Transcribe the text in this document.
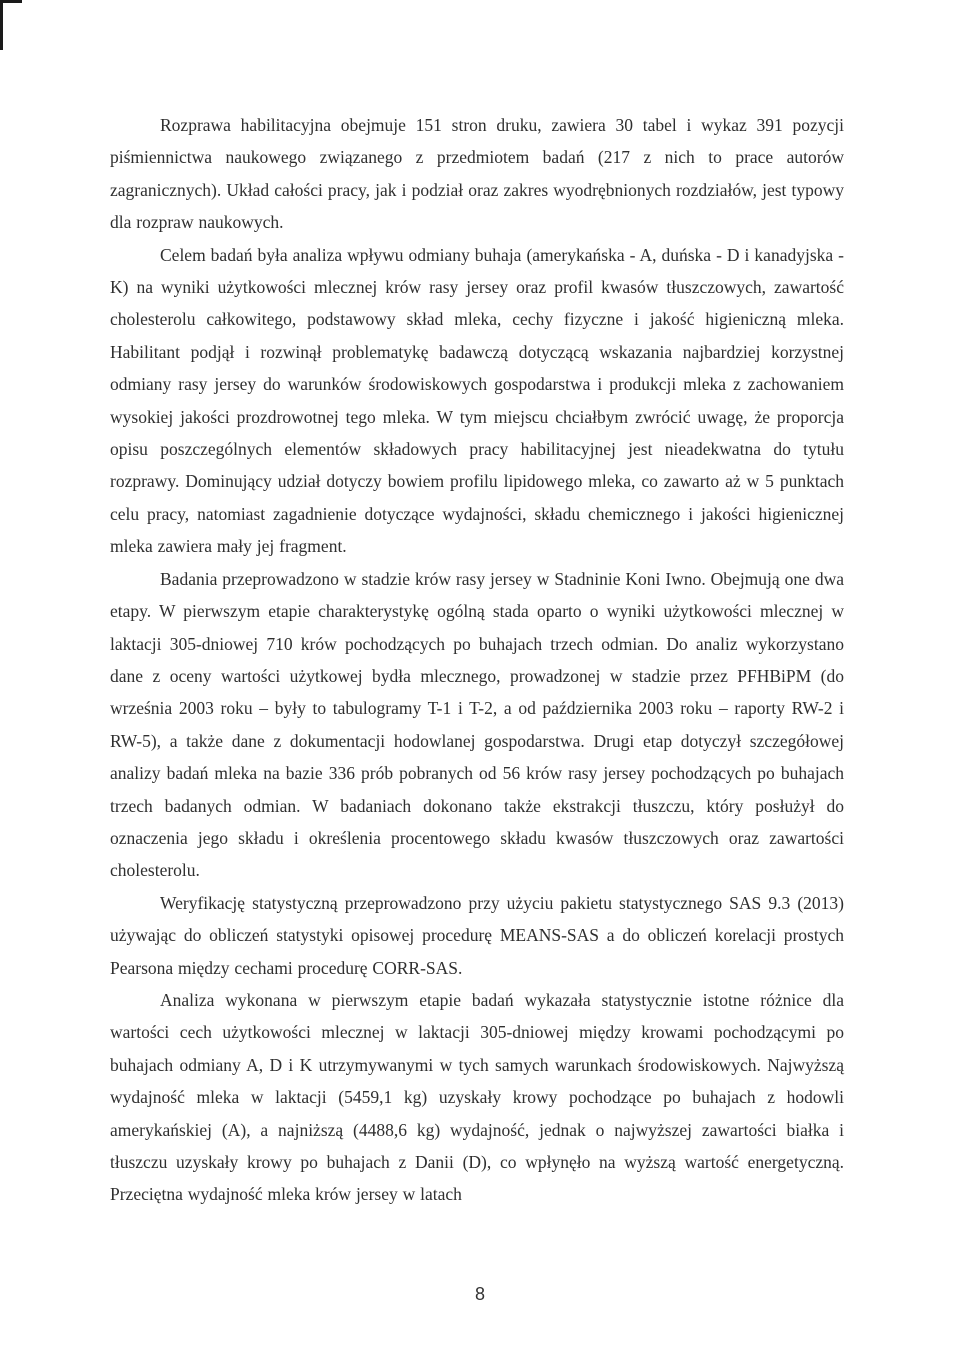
Rozprawa habilitacyjna obejmuje 151 stron druku, zawiera 30 tabel i wykaz 391 pozycji piśmiennictwa naukowego związanego z przedmiotem badań (217 z nich to prace autorów zagranicznych). Układ całości pracy, jak i podział oraz zakres wyodrębnionych rozdziałów, jest typowy dla rozpraw naukowych.

Celem badań była analiza wpływu odmiany buhaja (amerykańska - A, duńska - D i kanadyjska - K) na wyniki użytkowości mlecznej krów rasy jersey oraz profil kwasów tłuszczowych, zawartość cholesterolu całkowitego, podstawowy skład mleka, cechy fizyczne i jakość higieniczną mleka. Habilitant podjął i rozwinął problematykę badawczą dotyczącą wskazania najbardziej korzystnej odmiany rasy jersey do warunków środowiskowych gospodarstwa i produkcji mleka z zachowaniem wysokiej jakości prozdrowotnej tego mleka. W tym miejscu chciałbym zwrócić uwagę, że proporcja opisu poszczególnych elementów składowych pracy habilitacyjnej jest nieadekwatna do tytułu rozprawy. Dominujący udział dotyczy bowiem profilu lipidowego mleka, co zawarto aż w 5 punktach celu pracy, natomiast zagadnienie dotyczące wydajności, składu chemicznego i jakości higienicznej mleka zawiera mały jej fragment.

Badania przeprowadzono w stadzie krów rasy jersey w Stadninie Koni Iwno. Obejmują one dwa etapy. W pierwszym etapie charakterystykę ogólną stada oparto o wyniki użytkowości mlecznej w laktacji 305-dniowej 710 krów pochodzących po buhajach trzech odmian. Do analiz wykorzystano dane z oceny wartości użytkowej bydła mlecznego, prowadzonej w stadzie przez PFHBiPM (do września 2003 roku – były to tabulogramy T-1 i T-2, a od października 2003 roku – raporty RW-2 i RW-5), a także dane z dokumentacji hodowlanej gospodarstwa. Drugi etap dotyczył szczegółowej analizy badań mleka na bazie 336 prób pobranych od 56 krów rasy jersey pochodzących po buhajach trzech badanych odmian. W badaniach dokonano także ekstrakcji tłuszczu, który posłużył do oznaczenia jego składu i określenia procentowego składu kwasów tłuszczowych oraz zawartości cholesterolu.

Weryfikację statystyczną przeprowadzono przy użyciu pakietu statystycznego SAS 9.3 (2013) używając do obliczeń statystyki opisowej procedurę MEANS-SAS a do obliczeń korelacji prostych Pearsona między cechami procedurę CORR-SAS.

Analiza wykonana w pierwszym etapie badań wykazała statystycznie istotne różnice dla wartości cech użytkowości mlecznej w laktacji 305-dniowej między krowami pochodzącymi po buhajach odmiany A, D i K utrzymywanymi w tych samych warunkach środowiskowych. Najwyższą wydajność mleka w laktacji (5459,1 kg) uzyskały krowy pochodzące po buhajach z hodowli amerykańskiej (A), a najniższą (4488,6 kg) wydajność, jednak o najwyższej zawartości białka i tłuszczu uzyskały krowy po buhajach z Danii (D), co wpłynęło na wyższą wartość energetyczną. Przeciętna wydajność mleka krów jersey w latach

8
